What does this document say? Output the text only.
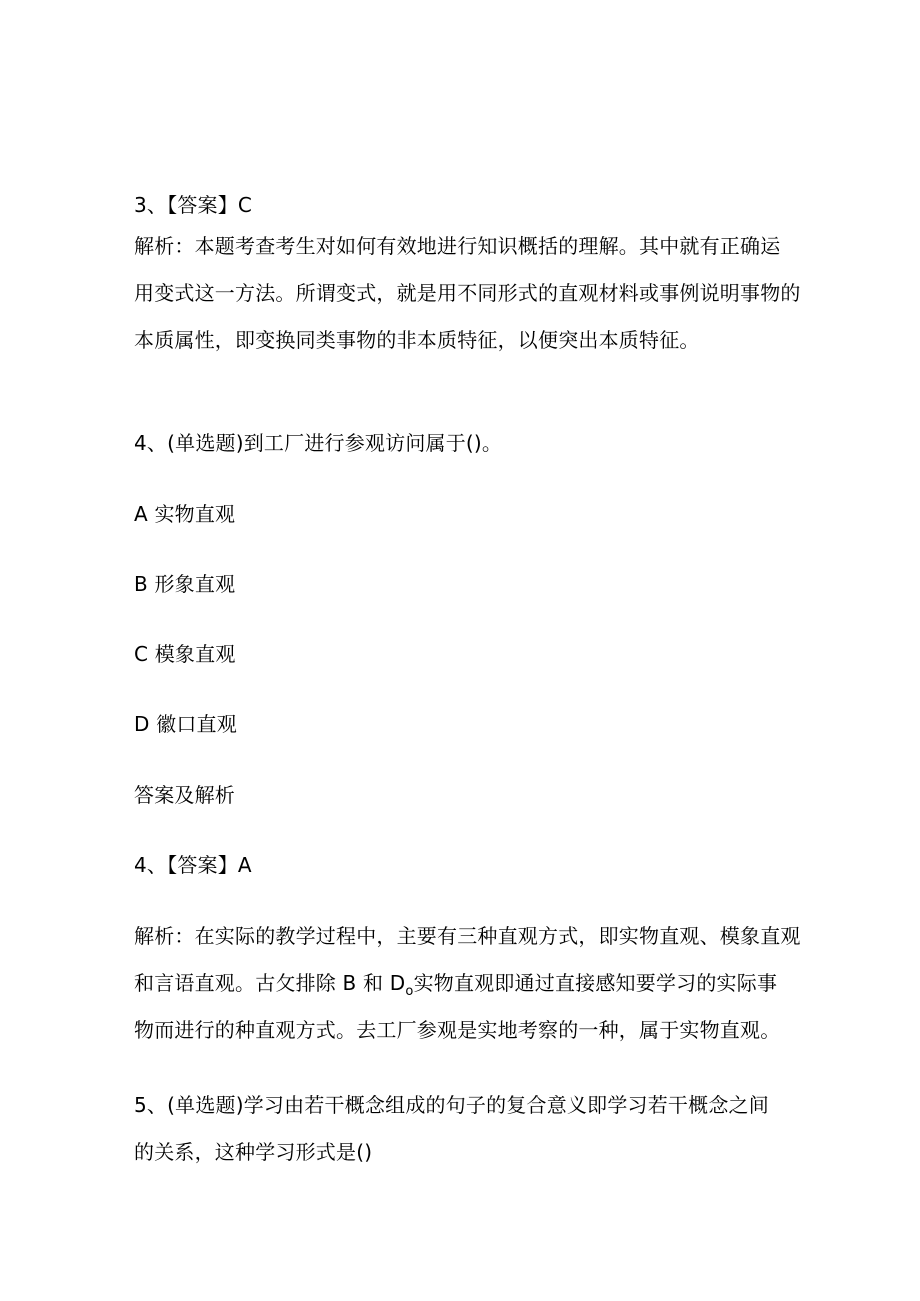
3、【答案】C
解析：本题考查考生对如何有效地进行知识概括的理解。其中就有正确运
用变式这一方法。所谓变式，就是用不同形式的直观材料或事例说明事物的
本质属性，即变换同类事物的非本质特征，以便突出本质特征。
4、(单选题)到工厂进行参观访问属于()。
A 实物直观
B 形象直观
C 模象直观
D 徽口直观
答案及解析
4、【答案】A
解析：在实际的教学过程中，主要有三种直观方式，即实物直观、模象直观
和言语直观。古攵排除 B 和 $D_o$实物直观即通过直接感知要学习的实际事
物而进行的种直观方式。去工厂参观是实地考察的一种，属于实物直观。
5、(单选题)学习由若干概念组成的句子的复合意义即学习若干概念之间
的关系，这种学习形式是()
